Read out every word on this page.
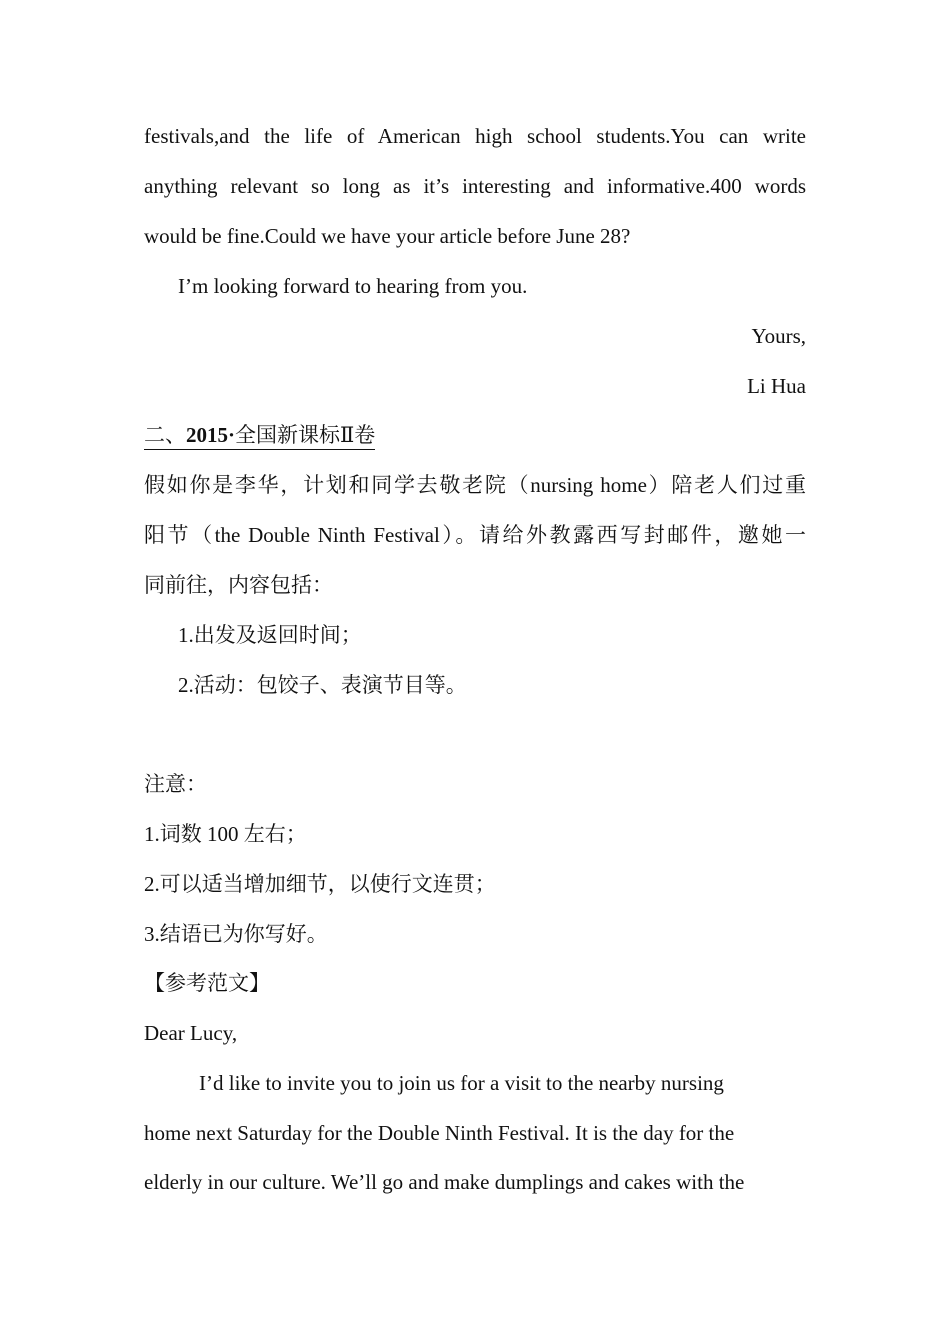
festivals,and the life of American high school students.You can write
anything relevant so long as it’s interesting and informative.400 words
would be fine.Could we have your article before June 28?
I’m looking forward to hearing from you.
Yours,
Li Hua
二、2015·全国新课标Ⅱ卷
假如你是李华，计划和同学去敬老院（nursing home）陪老人们过重
阳节（the Double Ninth Festival）。请给外教露西写封邮件，邀她一
同前往，内容包括：
1.出发及返回时间；
2.活动：包饺子、表演节目等。
注意：
1.词数 100 左右；
2.可以适当增加细节，以使行文连贯；
3.结语已为你写好。
【参考范文】
Dear Lucy,
I’d like to invite you to join us for a visit to the nearby nursing
home next Saturday for the Double Ninth Festival. It is the day for the
elderly in our culture. We’ll go and make dumplings and cakes with the
